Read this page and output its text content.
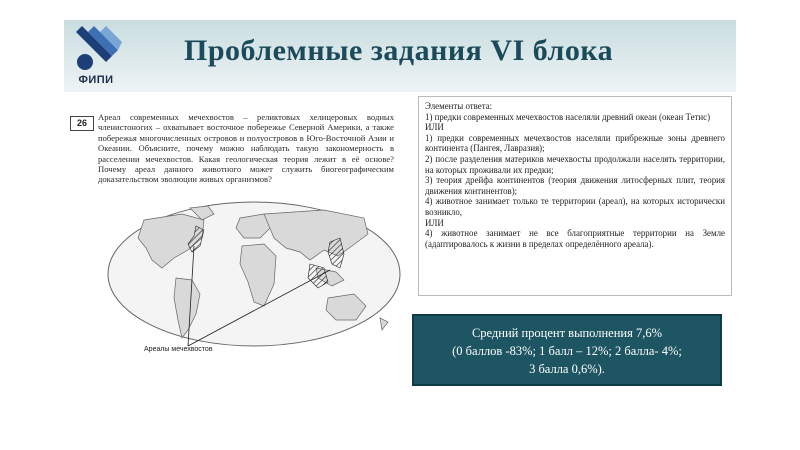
ФИПИ
Проблемные задания VI блока
26
Ареал современных мечехвостов – реликтовых хелицеровых водных членистоногих – охватывает восточное побережье Северной Америки, а также побережья многочисленных островов и полуостровов в Юго-Восточной Азии и Океании. Объясните, почему можно наблюдать такую закономерность в расселении мечехвостов. Какая геологическая теория лежит в её основе? Почему ареал данного животного может служить биогеографическим доказательством эволюции живых организмов?
Ареалы мечехвостов
Элементы ответа:
1) предки современных мечехвостов населяли древний океан (океан Тетис)
ИЛИ
1) предки современных мечехвостов населяли прибрежные зоны древнего континента (Пангея, Лавразия);
2) после разделения материков мечехвосты продолжали населять территории, на которых проживали их предки;
3) теория дрейфа континентов (теория движения литосферных плит, теория движения континентов);
4) животное занимает только те территории (ареал), на которых исторически возникло,
ИЛИ
4) животное занимает не все благоприятные территории на Земле (адаптировалось к жизни в пределах определённого ареала).
Средний процент выполнения 7,6%
(0 баллов -83%; 1 балл – 12%; 2 балла- 4%;
3 балла 0,6%).
